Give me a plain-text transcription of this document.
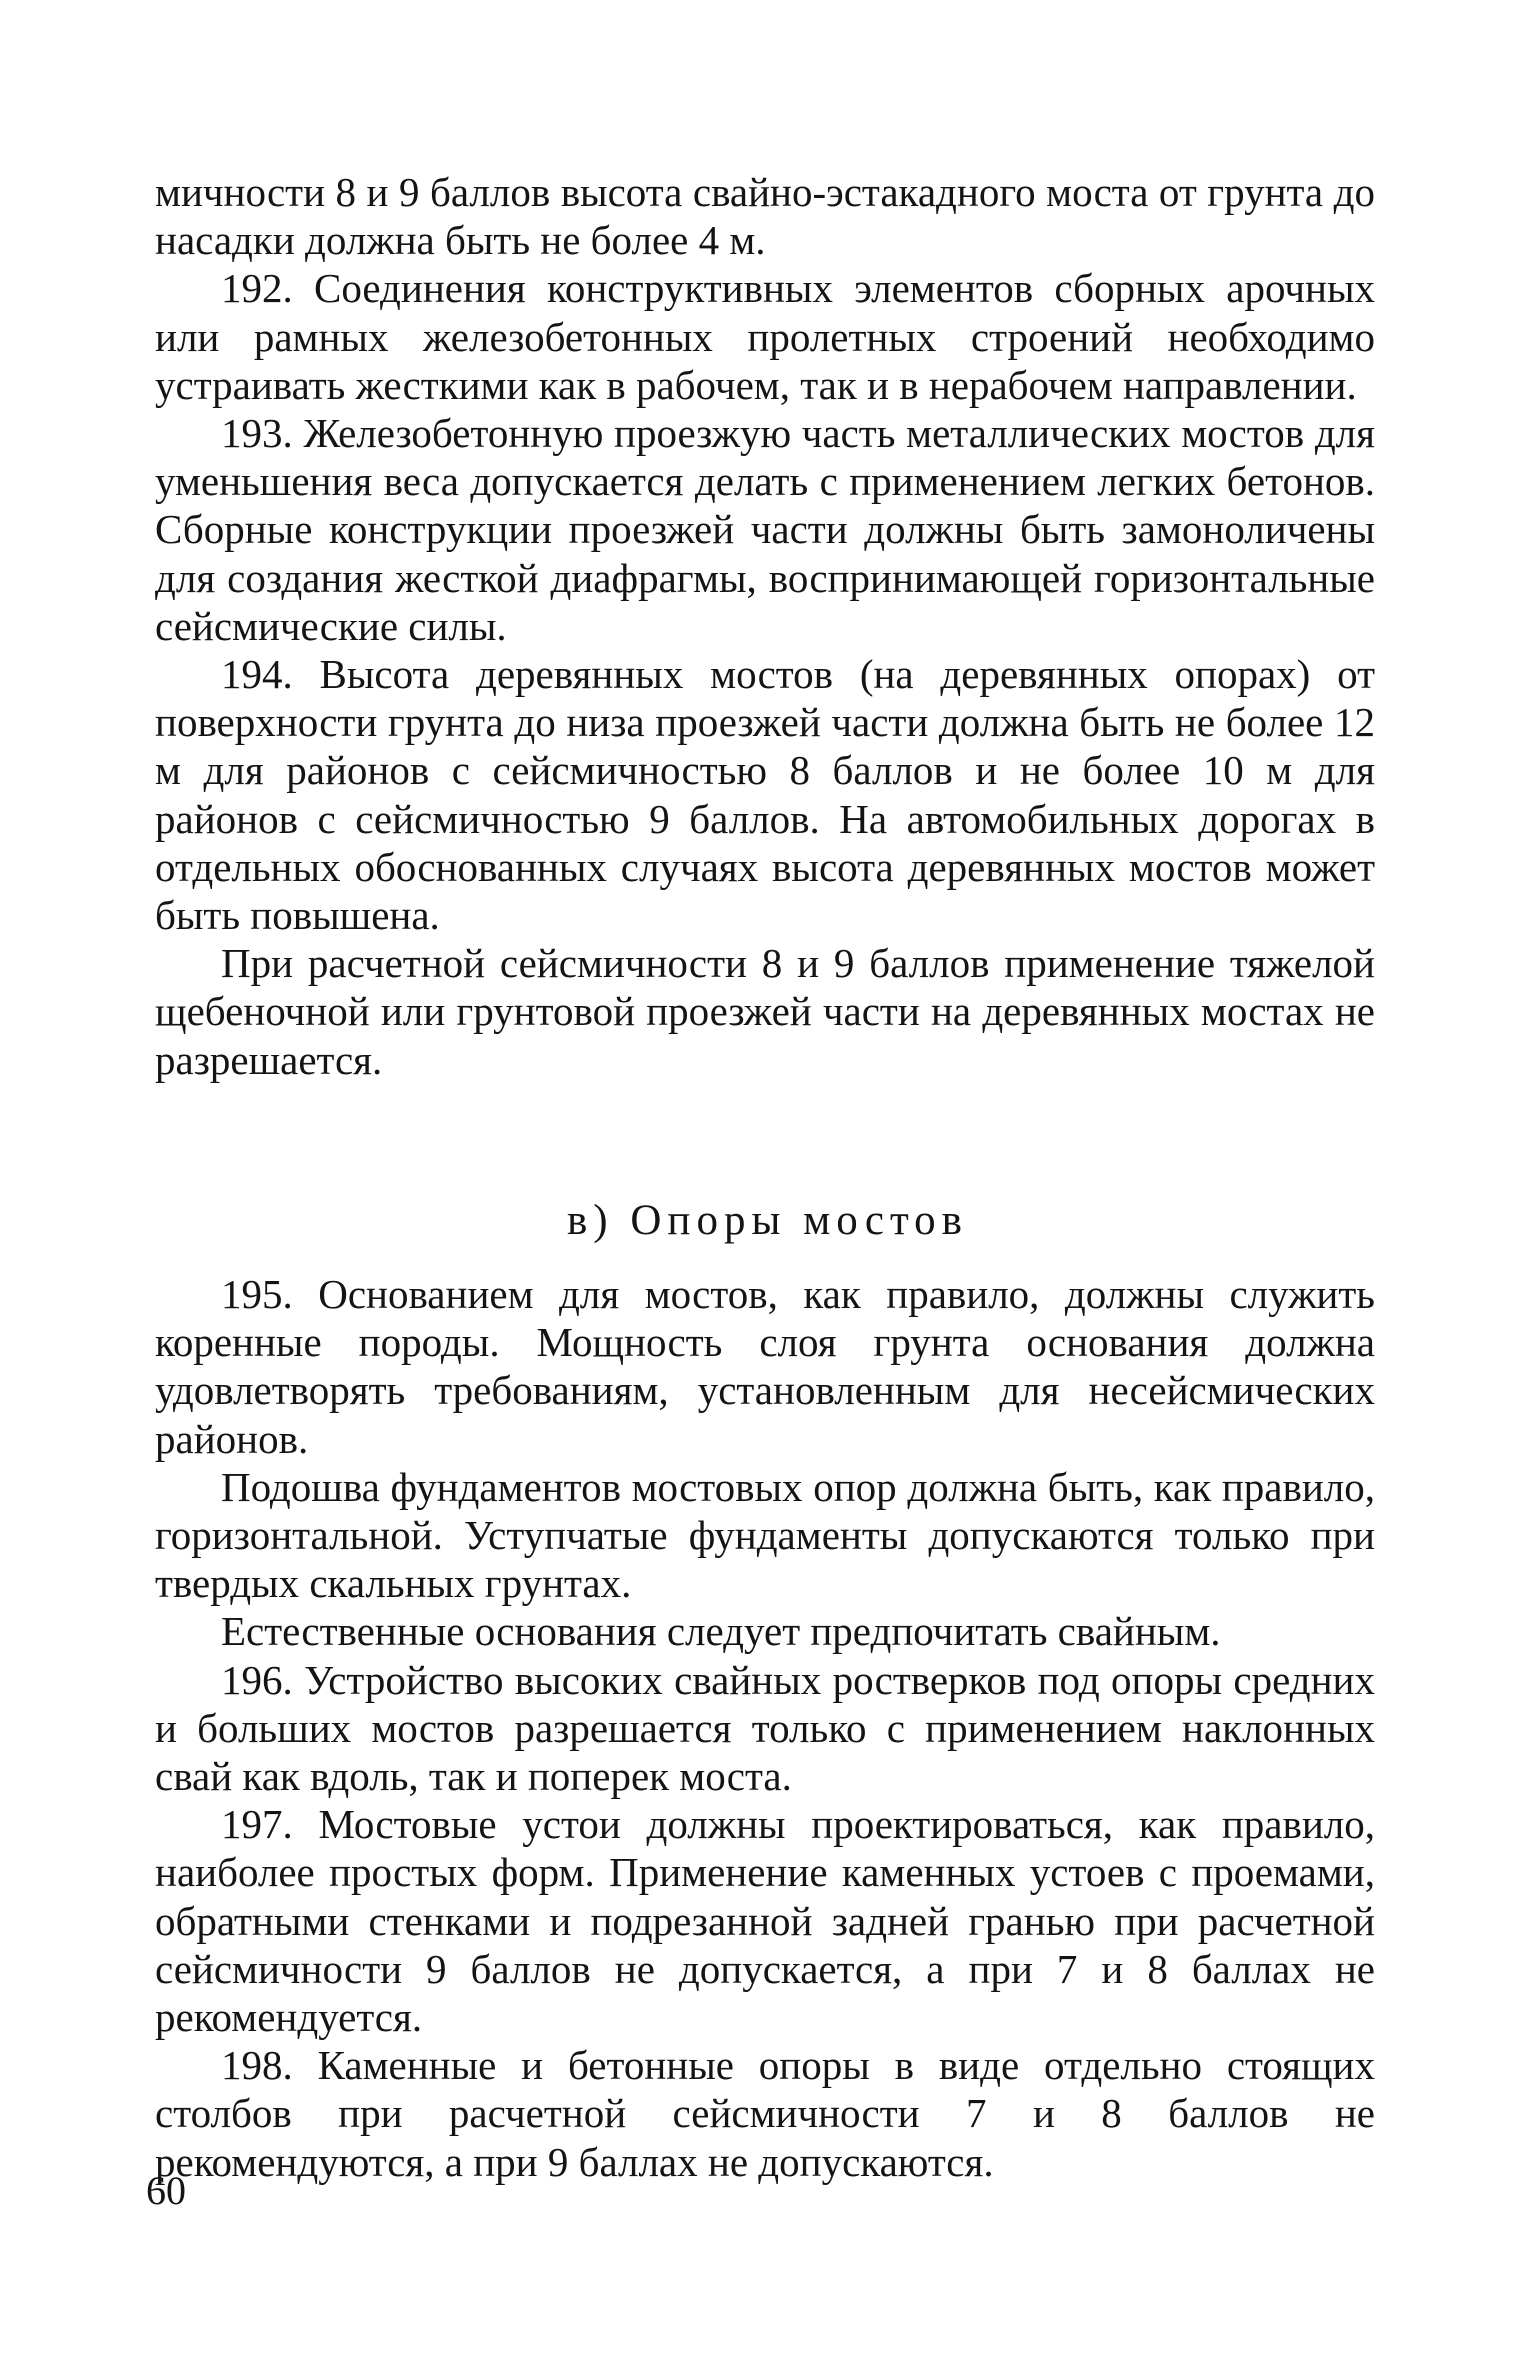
мичности 8 и 9 баллов высота свайно-эстакадного моста от грунта до насадки должна быть не более 4 м.

192. Соединения конструктивных элементов сборных арочных или рамных железобетонных пролетных строений необходимо устраивать жесткими как в рабочем, так и в нерабочем направлении.

193. Железобетонную проезжую часть металлических мостов для уменьшения веса допускается делать с применением легких бетонов. Сборные конструкции проезжей части должны быть замоноличены для создания жесткой диафрагмы, воспринимающей горизонтальные сейсмические силы.

194. Высота деревянных мостов (на деревянных опорах) от поверхности грунта до низа проезжей части должна быть не более 12 м для районов с сейсмичностью 8 баллов и не более 10 м для районов с сейсмичностью 9 баллов. На автомобильных дорогах в отдельных обоснованных случаях высота деревянных мостов может быть повышена.

При расчетной сейсмичности 8 и 9 баллов применение тяжелой щебеночной или грунтовой проезжей части на деревянных мостах не разрешается.

в) Опоры мостов

195. Основанием для мостов, как правило, должны служить коренные породы. Мощность слоя грунта основания должна удовлетворять требованиям, установленным для несейсмических районов.

Подошва фундаментов мостовых опор должна быть, как правило, горизонтальной. Уступчатые фундаменты допускаются только при твердых скальных грунтах.

Естественные основания следует предпочитать свайным.

196. Устройство высоких свайных ростверков под опоры средних и больших мостов разрешается только с применением наклонных свай как вдоль, так и поперек моста.

197. Мостовые устои должны проектироваться, как правило, наиболее простых форм. Применение каменных устоев с проемами, обратными стенками и подрезанной задней гранью при расчетной сейсмичности 9 баллов не допускается, а при 7 и 8 баллах не рекомендуется.

198. Каменные и бетонные опоры в виде отдельно стоящих столбов при расчетной сейсмичности 7 и 8 баллов не рекомендуются, а при 9 баллах не допускаются.

60
